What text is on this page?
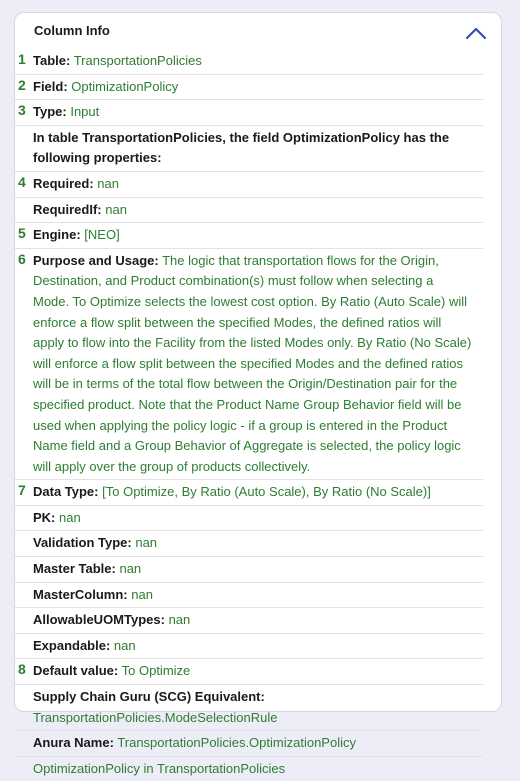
Column Info
1 Table: TransportationPolicies
2 Field: OptimizationPolicy
3 Type: Input
In table TransportationPolicies, the field OptimizationPolicy has the following properties:
4 Required: nan
RequiredIf: nan
5 Engine: [NEO]
6 Purpose and Usage: The logic that transportation flows for the Origin, Destination, and Product combination(s) must follow when selecting a Mode. To Optimize selects the lowest cost option. By Ratio (Auto Scale) will enforce a flow split between the specified Modes, the defined ratios will apply to flow into the Facility from the listed Modes only. By Ratio (No Scale) will enforce a flow split between the specified Modes and the defined ratios will be in terms of the total flow between the Origin/Destination pair for the specified product. Note that the Product Name Group Behavior field will be used when applying the policy logic - if a group is entered in the Product Name field and a Group Behavior of Aggregate is selected, the policy logic will apply over the group of products collectively.
7 Data Type: [To Optimize, By Ratio (Auto Scale), By Ratio (No Scale)]
PK: nan
Validation Type: nan
Master Table: nan
MasterColumn: nan
AllowableUOMTypes: nan
Expandable: nan
8 Default value: To Optimize
Supply Chain Guru (SCG) Equivalent:
TransportationPolicies.ModeSelectionRule
Anura Name: TransportationPolicies.OptimizationPolicy
OptimizationPolicy in TransportationPolicies
